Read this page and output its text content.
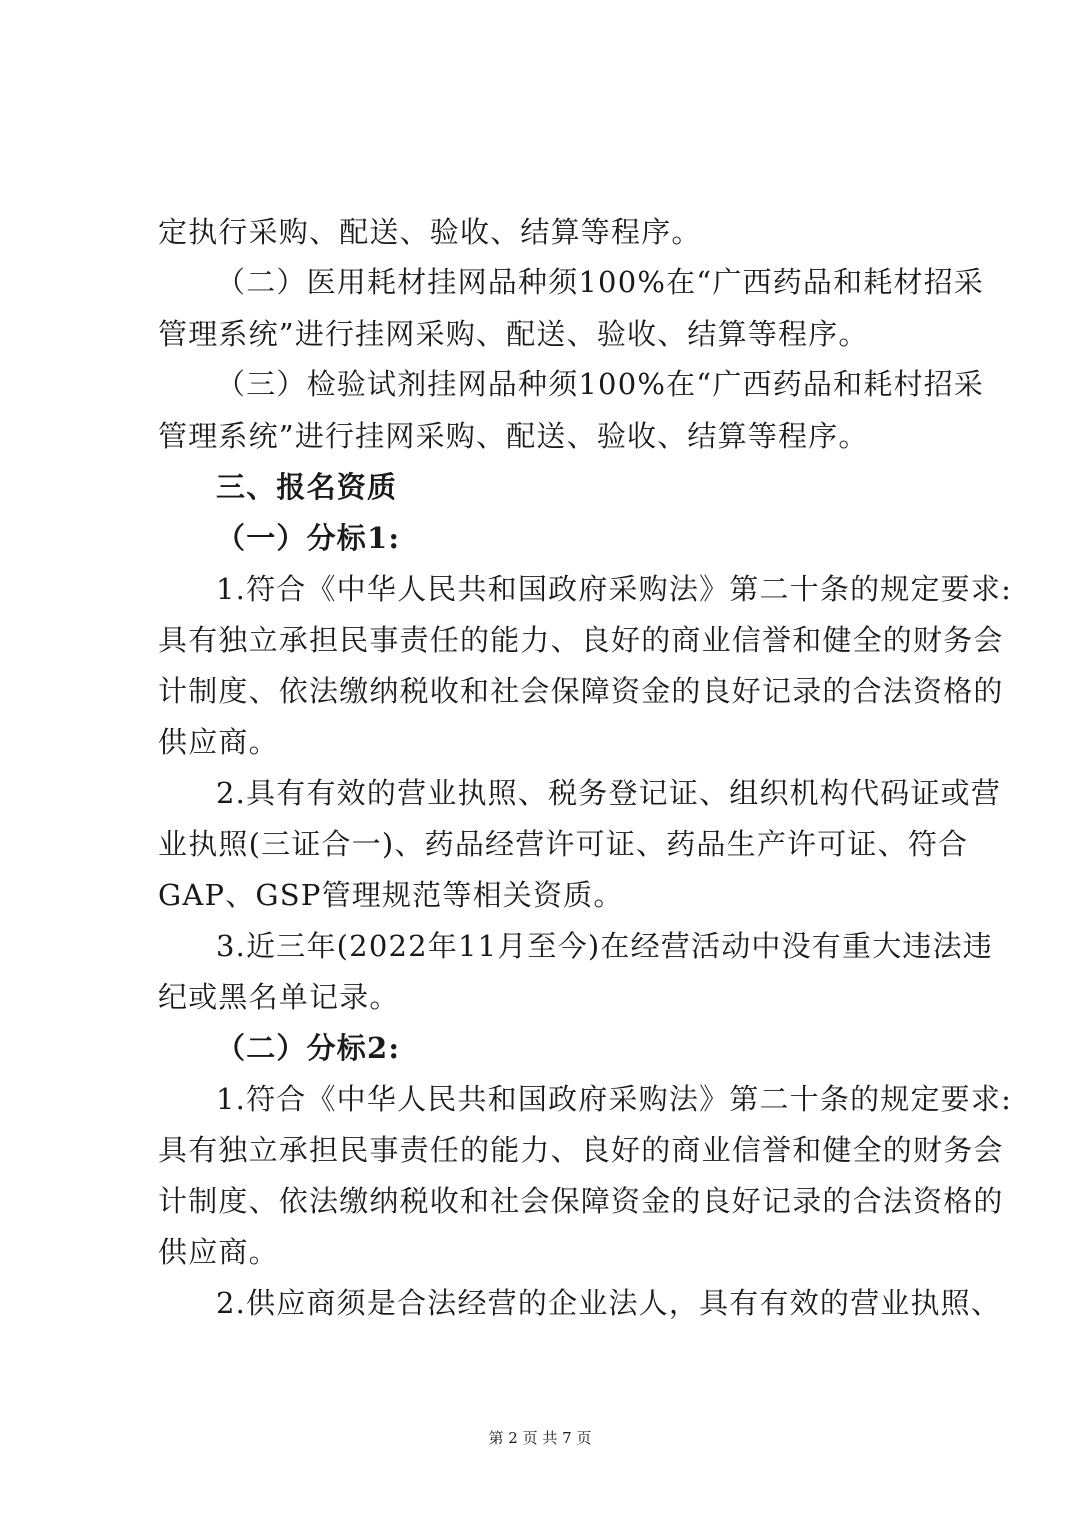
定执行采购、配送、验收、结算等程序。
（二）医用耗材挂网品种须100%在“广西药品和耗材招采
管理系统”进行挂网采购、配送、验收、结算等程序。
（三）检验试剂挂网品种须100%在“广西药品和耗村招采
管理系统”进行挂网采购、配送、验收、结算等程序。
三、报名资质
（一）分标1:
1.符合《中华人民共和国政府采购法》第二十条的规定要求:
具有独立承担民事责任的能力、良好的商业信誉和健全的财务会
计制度、依法缴纳税收和社会保障资金的良好记录的合法资格的
供应商。
2.具有有效的营业执照、税务登记证、组织机构代码证或营
业执照(三证合一)、药品经营许可证、药品生产许可证、符合
GAP、GSP管理规范等相关资质。
3.近三年(2022年11月至今)在经营活动中没有重大违法违
纪或黑名单记录。
（二）分标2:
1.符合《中华人民共和国政府采购法》第二十条的规定要求:
具有独立承担民事责任的能力、良好的商业信誉和健全的财务会
计制度、依法缴纳税收和社会保障资金的良好记录的合法资格的
供应商。
2.供应商须是合法经营的企业法人，具有有效的营业执照、
第 2 页 共 7 页
